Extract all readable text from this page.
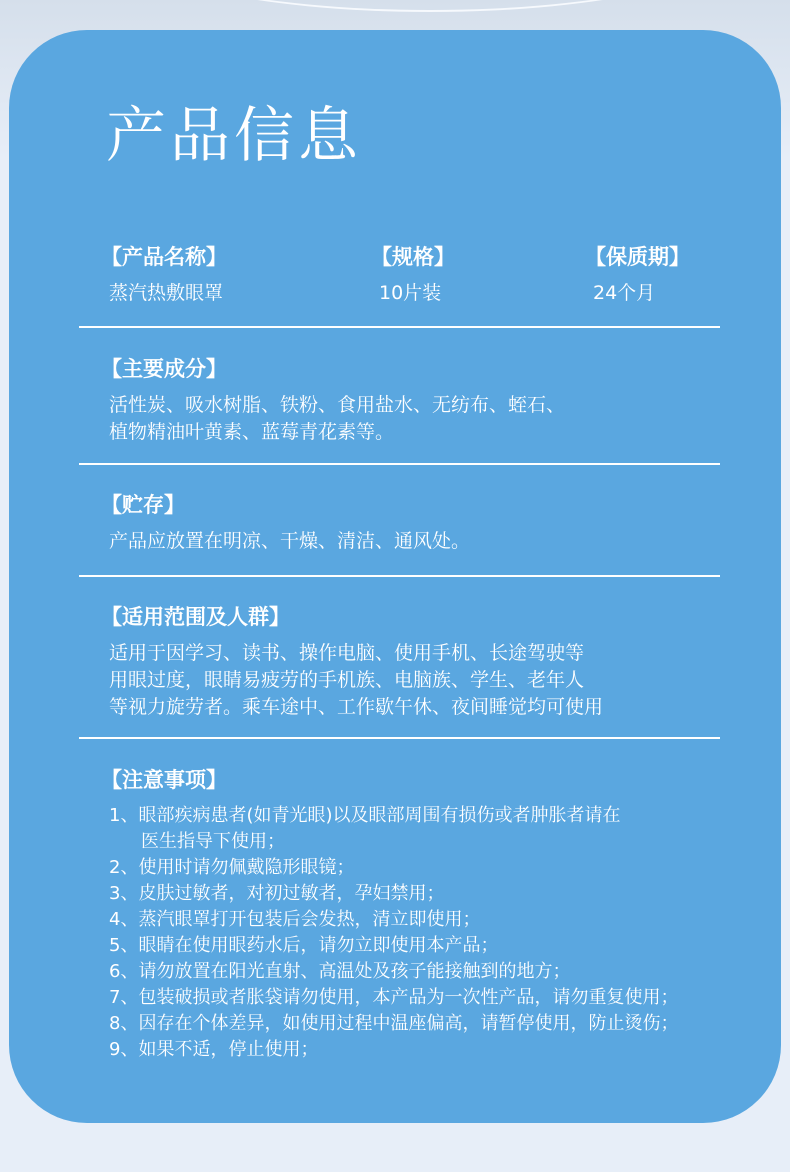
产品信息
【产品名称】
蒸汽热敷眼罩
【规格】
10片装
【保质期】
24个月
【主要成分】
活性炭、吸水树脂、铁粉、食用盐水、无纺布、蛭石、
植物精油叶黄素、蓝莓青花素等。
【贮存】
产品应放置在明凉、干燥、清洁、通风处。
【适用范围及人群】
适用于因学习、读书、操作电脑、使用手机、长途驾驶等
用眼过度，眼睛易疲劳的手机族、电脑族、学生、老年人
等视力旋劳者。乘车途中、工作歇午休、夜间睡觉均可使用
【注意事项】
1、眼部疾病患者(如青光眼)以及眼部周围有损伤或者肿胀者请在
医生指导下使用；
2、使用时请勿佩戴隐形眼镜；
3、皮肤过敏者，对初过敏者，孕妇禁用；
4、蒸汽眼罩打开包装后会发热，清立即使用；
5、眼睛在使用眼药水后，请勿立即使用本产品；
6、请勿放置在阳光直射、高温处及孩子能接触到的地方；
7、包装破损或者胀袋请勿使用，本产品为一次性产品，请勿重复使用；
8、因存在个体差异，如使用过程中温座偏高，请暂停使用，防止烫伤；
9、如果不适，停止使用；
